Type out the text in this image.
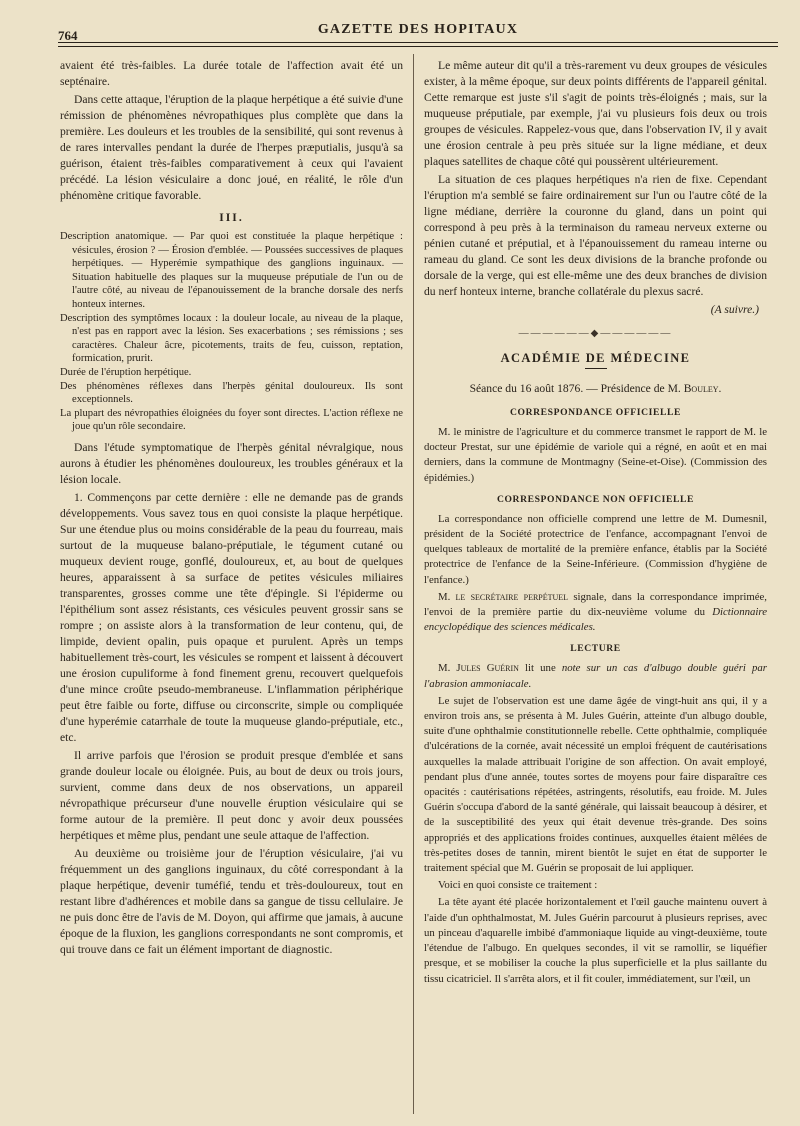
764	GAZETTE DES HOPITAUX

avaient été très-faibles. La durée totale de l'affection avait été un septénaire.

Dans cette attaque, l'éruption de la plaque herpétique a été suivie d'une rémission de phénomènes névropathiques plus complète que dans la première. Les douleurs et les troubles de la sensibilité, qui sont revenus à de rares intervalles pendant la durée de l'herpes præputialis, jusqu'à sa guérison, étaient très-faibles comparativement à ceux qui l'avaient précédé. La lésion vésiculaire a donc joué, en réalité, le rôle d'un phénomène critique favorable.

III.
Description anatomique. — Par quoi est constituée la plaque herpétique : vésicules, érosion ? — Érosion d'emblée. — Poussées successives de plaques herpétiques. — Hyperémie sympathique des ganglions inguinaux. — Situation habituelle des plaques sur la muqueuse préputiale de l'un ou de l'autre côté, au niveau de l'épanouissement de la branche dorsale des nerfs honteux internes.
Description des symptômes locaux : la douleur locale, au niveau de la plaque, n'est pas en rapport avec la lésion. Ses exacerbations ; ses rémissions ; ses caractères. Chaleur âcre, picotements, traits de feu, cuisson, reptation, formication, prurit.
Durée de l'éruption herpétique.
Des phénomènes réflexes dans l'herpès génital douloureux. Ils sont exceptionnels.
La plupart des névropathies éloignées du foyer sont directes. L'action réflexe ne joue qu'un rôle secondaire.

Dans l'étude symptomatique de l'herpès génital névralgique, nous aurons à étudier les phénomènes douloureux, les troubles généraux et la lésion locale.

1. Commençons par cette dernière : elle ne demande pas de grands développements. Vous savez tous en quoi consiste la plaque herpétique. Sur une étendue plus ou moins considérable de la peau du fourreau, mais surtout de la muqueuse balano-préputiale, le tégument cutané ou muqueux devient rouge, gonflé, douloureux, et, au bout de quelques heures, apparaissent à sa surface de petites vésicules miliaires transparentes, grosses comme une tête d'épingle. Si l'épiderme ou l'épithélium sont assez résistants, ces vésicules peuvent grossir sans se rompre ; on assiste alors à la transformation de leur contenu, qui, de limpide, devient opalin, puis opaque et purulent. Après un temps habituellement très-court, les vésicules se rompent et laissent à découvert une érosion cupuliforme à fond finement grenu, recouvert quelquefois d'une mince croûte pseudo-membraneuse. L'inflammation périphérique peut être faible ou forte, diffuse ou circonscrite, simple ou compliquée d'une hyperémie catarrhale de toute la muqueuse glando-préputiale, etc., etc.

Il arrive parfois que l'érosion se produit presque d'emblée et sans grande douleur locale ou éloignée. Puis, au bout de deux ou trois jours, survient, comme dans deux de nos observations, un appareil névropathique précurseur d'une nouvelle éruption vésiculaire qui se forme autour de la première. Il peut donc y avoir deux poussées herpétiques et même plus, pendant une seule attaque de l'affection.

Au deuxième ou troisième jour de l'éruption vésiculaire, j'ai vu fréquemment un des ganglions inguinaux, du côté correspondant à la plaque herpétique, devenir tuméfié, tendu et très-douloureux, tout en restant libre d'adhérences et mobile dans sa gangue de tissu cellulaire. Je ne puis donc être de l'avis de M. Doyon, qui affirme que jamais, à aucune époque de la fluxion, les ganglions correspondants ne sont compromis, et qui trouve dans ce fait un élément important de diagnostic.

Le même auteur dit qu'il a très-rarement vu deux groupes de vésicules exister, à la même époque, sur deux points différents de l'appareil génital. Cette remarque est juste s'il s'agit de points très-éloignés ; mais, sur la muqueuse préputiale, par exemple, j'ai vu plusieurs fois deux ou trois groupes de vésicules. Rappelez-vous que, dans l'observation IV, il y avait une érosion centrale à peu près située sur la ligne médiane, et deux plaques satellites de chaque côté qui poussèrent ultérieurement.

La situation de ces plaques herpétiques n'a rien de fixe. Cependant l'éruption m'a semblé se faire ordinairement sur l'un ou l'autre côté de la ligne médiane, derrière la couronne du gland, dans un point qui correspond à peu près à la terminaison du rameau nerveux externe ou pénien cutané et préputial, et à l'épanouissement du rameau interne ou rameau du gland. Ce sont les deux divisions de la branche profonde ou dorsale de la verge, qui est elle-même une des deux branches de division du nerf honteux interne, branche collatérale du plexus sacré.

(A suivre.)
――――――◆――――――
ACADÉMIE DE MÉDECINE
Séance du 16 août 1876. — Présidence de M. Bouley.
CORRESPONDANCE OFFICIELLE

M. le ministre de l'agriculture et du commerce transmet le rapport de M. le docteur Prestat, sur une épidémie de variole qui a régné, en août et en mai derniers, dans la commune de Montmagny (Seine-et-Oise). (Commission des épidémies.)

CORRESPONDANCE NON OFFICIELLE

La correspondance non officielle comprend une lettre de M. Dumesnil, président de la Société protectrice de l'enfance, accompagnant l'envoi de quelques tableaux de mortalité de la première enfance, établis par la Société protectrice de l'enfance de la Seine-Inférieure. (Commission d'hygiène de l'enfance.)

M. le secrétaire perpétuel signale, dans la correspondance imprimée, l'envoi de la première partie du dix-neuvième volume du Dictionnaire encyclopédique des sciences médicales.

LECTURE

M. Jules Guérin lit une note sur un cas d'albugo double guéri par l'abrasion ammoniacale.

Le sujet de l'observation est une dame âgée de vingt-huit ans qui, il y a environ trois ans, se présenta à M. Jules Guérin, atteinte d'un albugo double, suite d'une ophthalmie constitutionnelle rebelle. Cette ophthalmie, compliquée d'ulcérations de la cornée, avait nécessité un emploi fréquent de cautérisations auxquelles la malade attribuait l'origine de son affection. On avait employé, pendant plus d'une année, toutes sortes de moyens pour faire disparaître ces opacités : cautérisations répétées, astringents, résolutifs, eau froide. M. Jules Guérin s'occupa d'abord de la santé générale, qui laissait beaucoup à désirer, et de la susceptibilité des yeux qui était devenue très-grande. Des soins appropriés et des applications froides continues, auxquelles étaient mêlées de très-petites doses de tannin, mirent bientôt le sujet en état de supporter le traitement spécial que M. Guérin se proposait de lui appliquer.

Voici en quoi consiste ce traitement :

La tête ayant été placée horizontalement et l'œil gauche maintenu ouvert à l'aide d'un ophthalmostat, M. Jules Guérin parcourut à plusieurs reprises, avec un pinceau d'aquarelle imbibé d'ammoniaque liquide au vingt-deuxième, toute l'étendue de l'albugo. En quelques secondes, il vit se ramollir, se liquéfier presque, et se mobiliser la couche la plus superficielle et la plus saillante du tissu cicatriciel. Il s'arrêta alors, et il fit couler, immédiatement, sur l'œil, un
